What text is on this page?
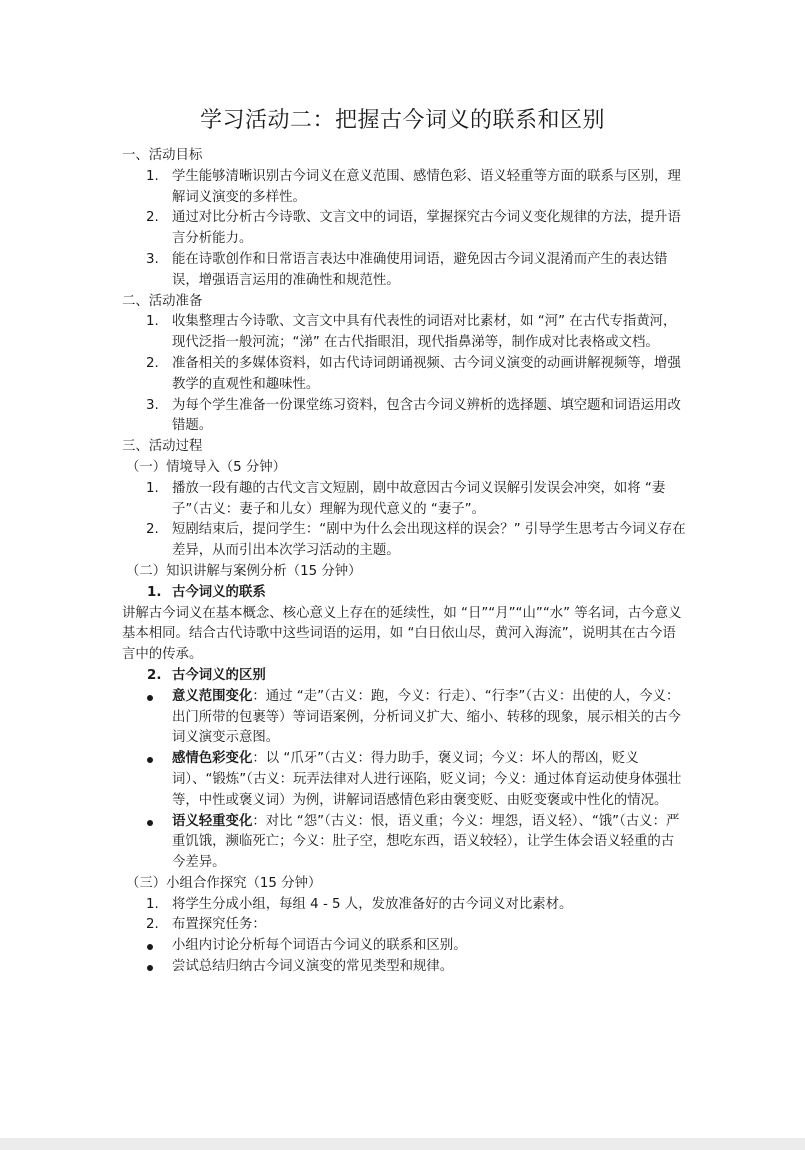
学习活动二：把握古今词义的联系和区别
一、活动目标
1. 学生能够清晰识别古今词义在意义范围、感情色彩、语义轻重等方面的联系与区别，理解词义演变的多样性。
2. 通过对比分析古今诗歌、文言文中的词语，掌握探究古今词义变化规律的方法，提升语言分析能力。
3. 能在诗歌创作和日常语言表达中准确使用词语，避免因古今词义混淆而产生的表达错误，增强语言运用的准确性和规范性。
二、活动准备
1. 收集整理古今诗歌、文言文中具有代表性的词语对比素材，如 “河” 在古代专指黄河，现代泛指一般河流；“涕” 在古代指眼泪，现代指鼻涕等，制作成对比表格或文档。
2. 准备相关的多媒体资料，如古代诗词朗诵视频、古今词义演变的动画讲解视频等，增强教学的直观性和趣味性。
3. 为每个学生准备一份课堂练习资料，包含古今词义辨析的选择题、填空题和词语运用改错题。
三、活动过程
（一）情境导入（5 分钟）
1. 播放一段有趣的古代文言文短剧，剧中故意因古今词义误解引发误会冲突，如将 “妻子”（古义：妻子和儿女）理解为现代意义的 “妻子”。
2. 短剧结束后，提问学生：“剧中为什么会出现这样的误会？” 引导学生思考古今词义存在差异，从而引出本次学习活动的主题。
（二）知识讲解与案例分析（15 分钟）
1. 古今词义的联系
讲解古今词义在基本概念、核心意义上存在的延续性，如 “日”“月”“山”“水” 等名词，古今意义基本相同。结合古代诗歌中这些词语的运用，如 “白日依山尽，黄河入海流”，说明其在古今语言中的传承。
2. 古今词义的区别
意义范围变化：通过 “走”（古义：跑，今义：行走）、“行李”（古义：出使的人，今义：出门所带的包裹等）等词语案例，分析词义扩大、缩小、转移的现象，展示相关的古今词义演变示意图。
感情色彩变化：以 “爪牙”（古义：得力助手，褒义词；今义：坏人的帮凶，贬义词）、“锻炼”（古义：玩弄法律对人进行诬陷，贬义词；今义：通过体育运动使身体强壮等，中性或褒义词）为例，讲解词语感情色彩由褒变贬、由贬变褒或中性化的情况。
语义轻重变化：对比 “怨”（古义：恨，语义重；今义：埋怨，语义轻）、“饿”（古义：严重饥饿，濒临死亡；今义：肚子空，想吃东西，语义较轻），让学生体会语义轻重的古今差异。
（三）小组合作探究（15 分钟）
1. 将学生分成小组，每组 4 - 5 人，发放准备好的古今词义对比素材。
2. 布置探究任务：
小组内讨论分析每个词语古今词义的联系和区别。
尝试总结归纳古今词义演变的常见类型和规律。
